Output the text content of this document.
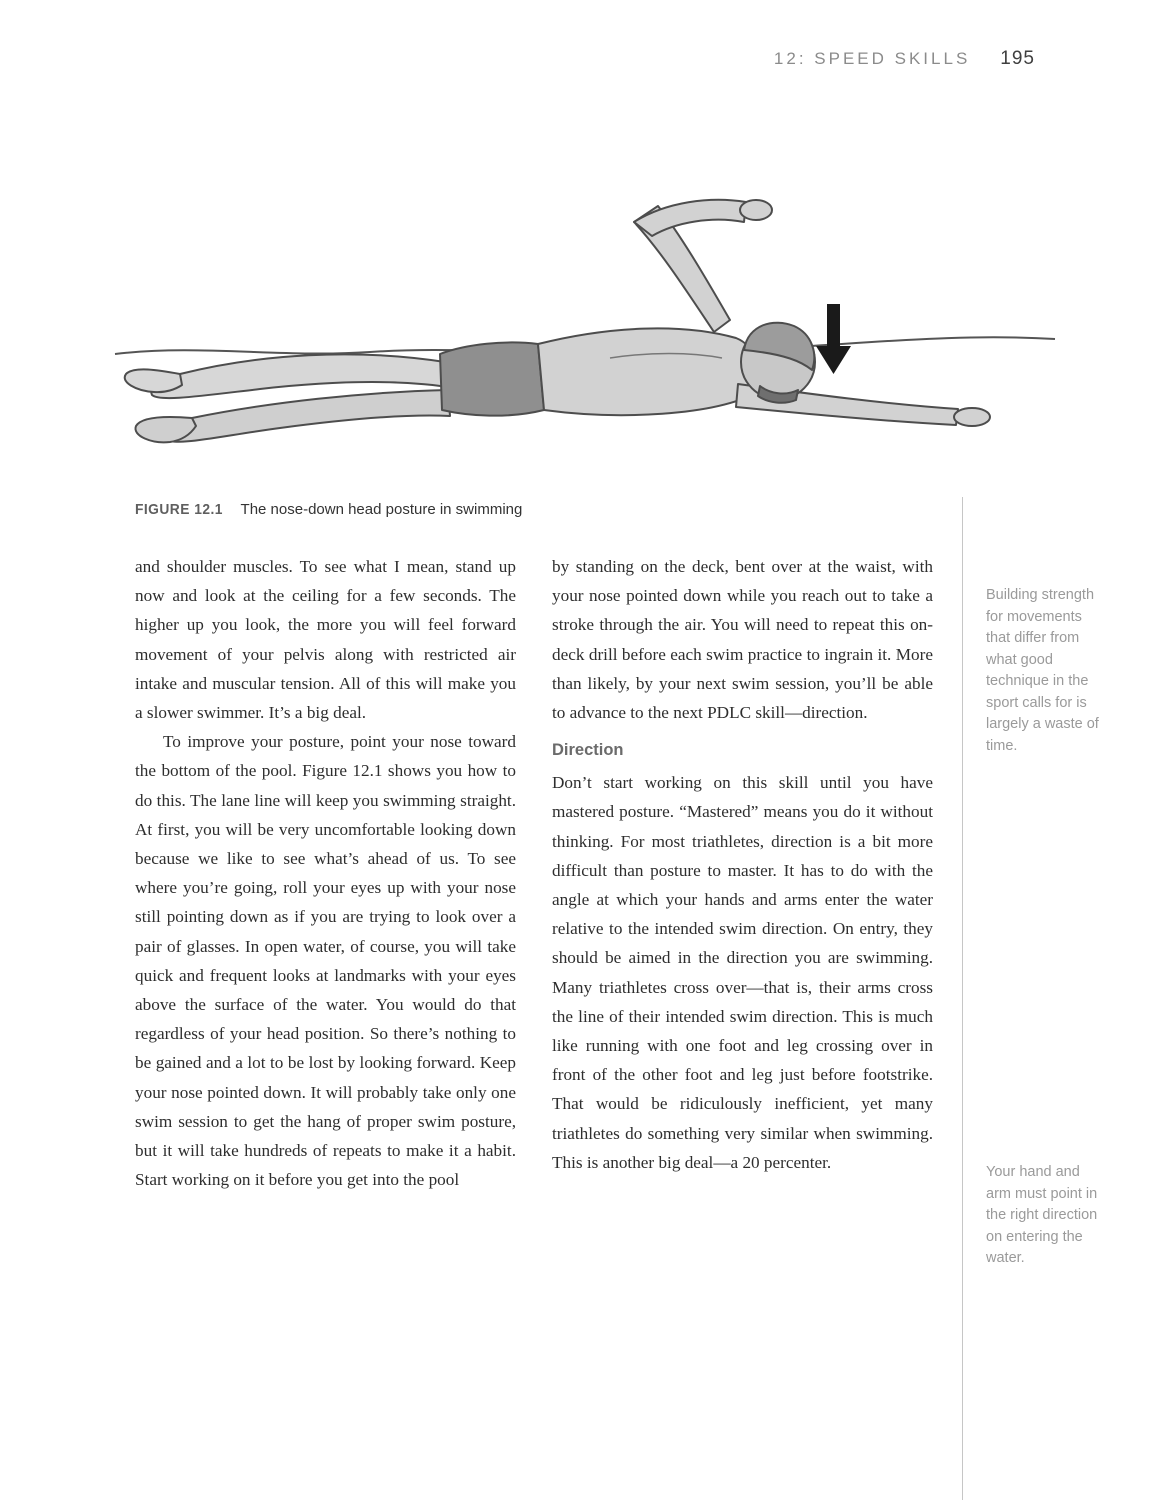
12: SPEED SKILLS 195
FIGURE 12.1 The nose-down head posture in swimming

and shoulder muscles. To see what I mean, stand up now and look at the ceiling for a few seconds. The higher up you look, the more you will feel forward movement of your pelvis along with restricted air intake and muscular tension. All of this will make you a slower swimmer. It’s a big deal.

To improve your posture, point your nose toward the bottom of the pool. Figure 12.1 shows you how to do this. The lane line will keep you swimming straight. At first, you will be very uncomfortable looking down because we like to see what’s ahead of us. To see where you’re going, roll your eyes up with your nose still pointing down as if you are trying to look over a pair of glasses. In open water, of course, you will take quick and frequent looks at landmarks with your eyes above the surface of the water. You would do that regardless of your head position. So there’s nothing to be gained and a lot to be lost by looking forward. Keep your nose pointed down. It will probably take only one swim session to get the hang of proper swim posture, but it will take hundreds of repeats to make it a habit. Start working on it before you get into the pool

by standing on the deck, bent over at the waist, with your nose pointed down while you reach out to take a stroke through the air. You will need to repeat this on-deck drill before each swim practice to ingrain it. More than likely, by your next swim session, you’ll be able to advance to the next PDLC skill—direction.

Direction

Don’t start working on this skill until you have mastered posture. “Mastered” means you do it without thinking. For most triathletes, direction is a bit more difficult than posture to master. It has to do with the angle at which your hands and arms enter the water relative to the intended swim direction. On entry, they should be aimed in the direction you are swimming. Many triathletes cross over—that is, their arms cross the line of their intended swim direction. This is much like running with one foot and leg crossing over in front of the other foot and leg just before footstrike. That would be ridiculously inefficient, yet many triathletes do something very similar when swimming. This is another big deal—a 20 percenter.

Building strength for movements that differ from what good technique in the sport calls for is largely a waste of time.
Your hand and arm must point in the right direction on entering the water.
